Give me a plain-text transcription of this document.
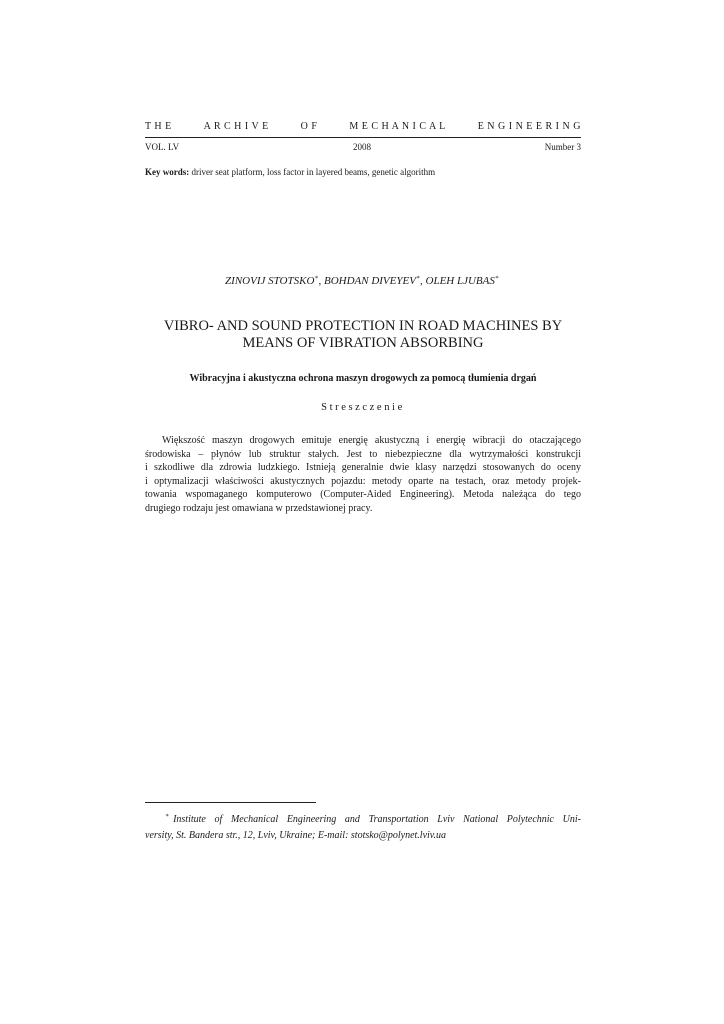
T H E	A R C H I V E	O F	M E C H A N I C A L	E N G I N E E R I N G
VOL. LV	2008	Number 3
Key words: driver seat platform, loss factor in layered beams, genetic algorithm
ZINOVIJ STOTSKO∗, BOHDAN DIVEYEV∗, OLEH LJUBAS∗
VIBRO- AND SOUND PROTECTION IN ROAD MACHINES BY
MEANS OF VIBRATION ABSORBING
Wibracyjna i akustyczna ochrona maszyn drogowych za pomocą tłumienia drgań
Streszczenie
Większość maszyn drogowych emituje energię akustyczną i energię wibracji do otaczającego
środowiska – płynów lub struktur stałych. Jest to niebezpieczne dla wytrzymałości konstrukcji
i szkodliwe dla zdrowia ludzkiego. Istnieją generalnie dwie klasy narzędzi stosowanych do oceny
i optymalizacji właściwości akustycznych pojazdu: metody oparte na testach, oraz metody projek-
towania wspomaganego komputerowo (Computer-Aided Engineering). Metoda należąca do tego
drugiego rodzaju jest omawiana w przedstawionej pracy.
∗ Institute of Mechanical Engineering and Transportation Lviv National Polytechnic Uni-
versity, St. Bandera str., 12, Lviv, Ukraine; E-mail: stotsko@polynet.lviv.ua
